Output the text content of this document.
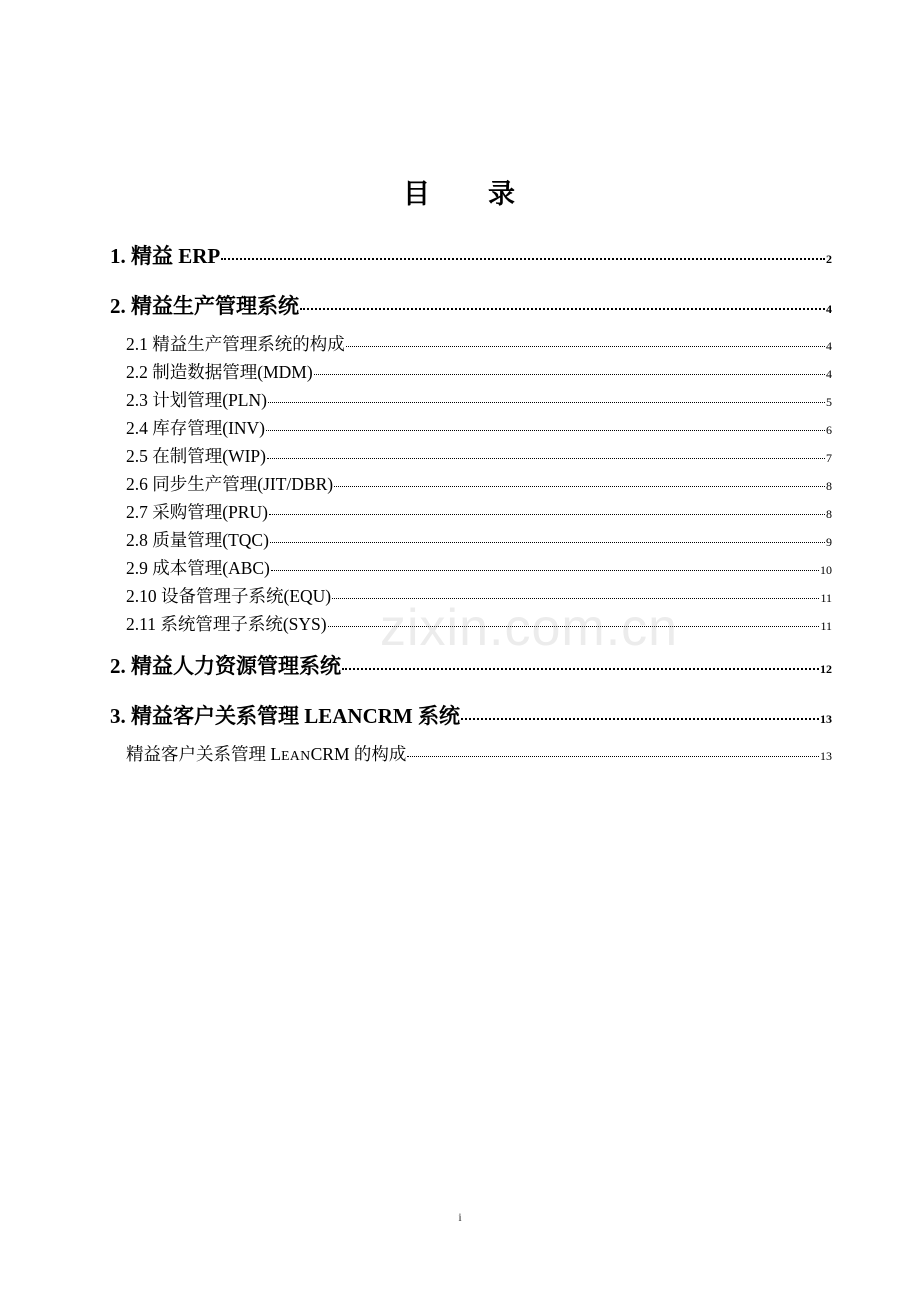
目 录
1. 精益 ERP	2
2. 精益生产管理系统	4
2.1 精益生产管理系统的构成	4
2.2 制造数据管理(MDM)	4
2.3 计划管理(PLN)	5
2.4 库存管理(INV)	6
2.5 在制管理(WIP)	7
2.6 同步生产管理(JIT/DBR)	8
2.7 采购管理(PRU)	8
2.8 质量管理(TQC)	9
2.9 成本管理(ABC)	10
2.10 设备管理子系统(EQU)	11
2.11 系统管理子系统(SYS)	11
2. 精益人力资源管理系统	12
3. 精益客户关系管理 LEANCRM 系统	13
精益客户关系管理 LEANCRM 的构成	13
zixin.com.cn
i
